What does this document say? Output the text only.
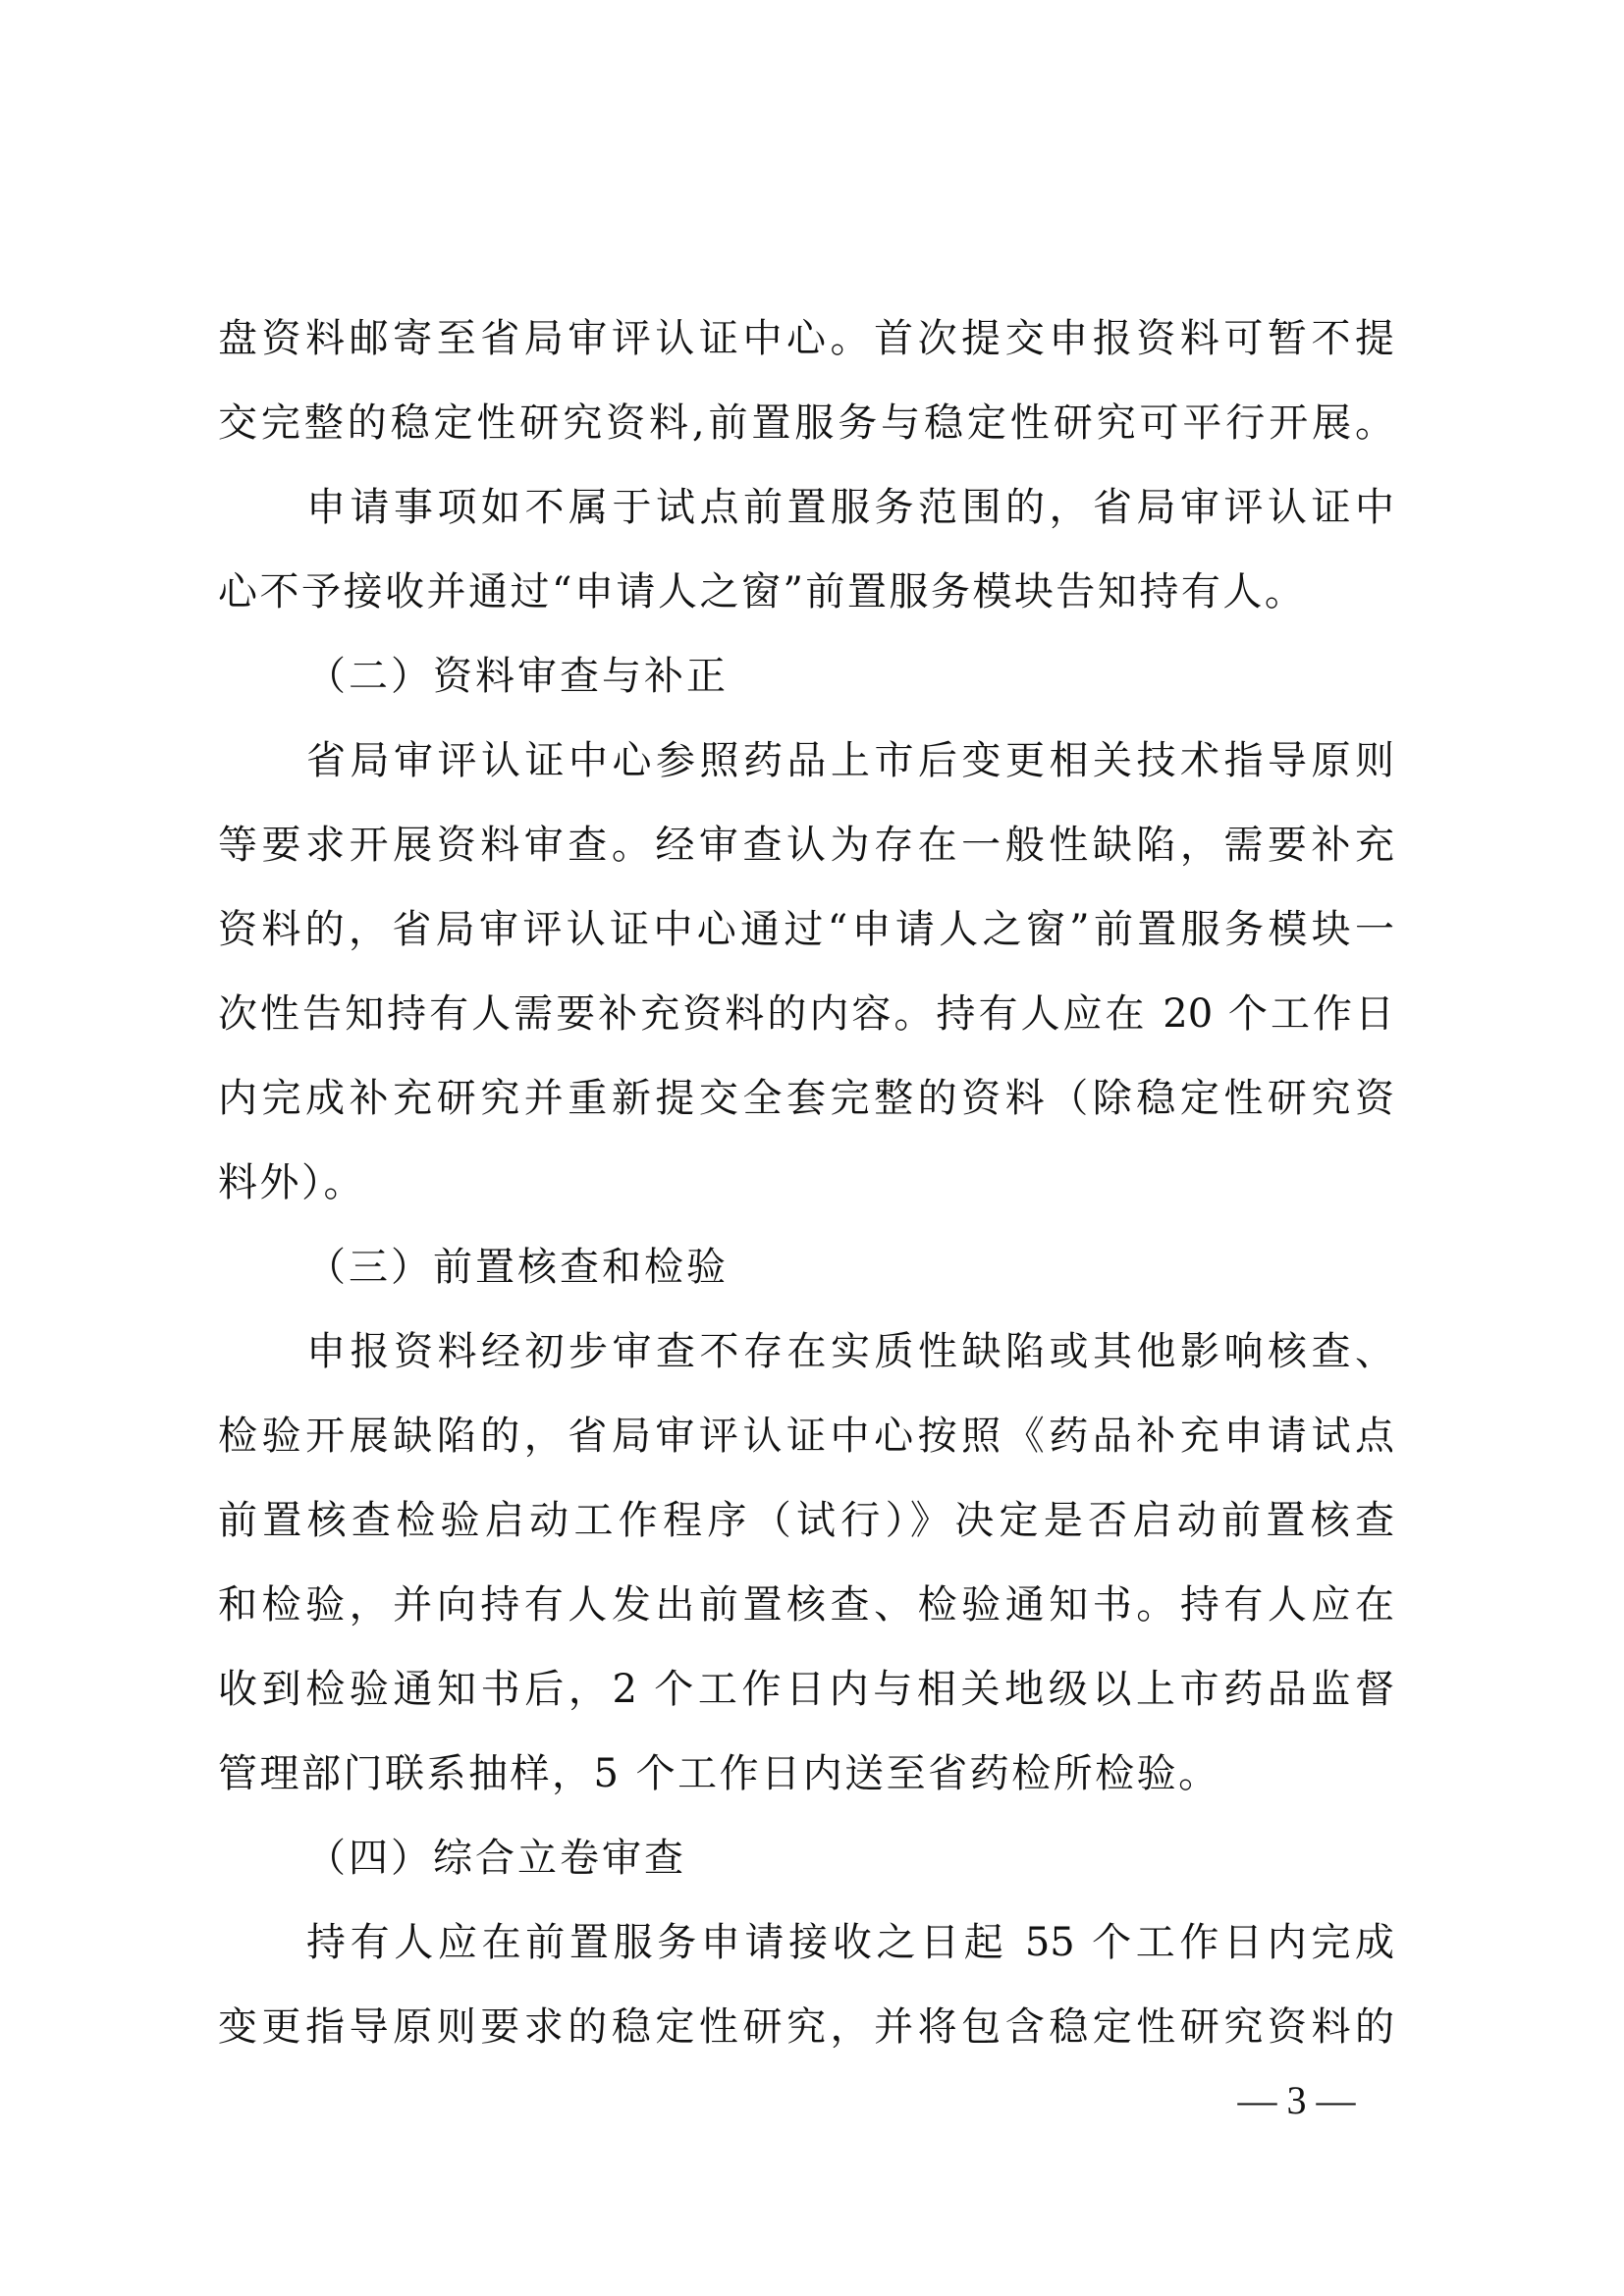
盘资料邮寄至省局审评认证中心。首次提交申报资料可暂不提
交完整的稳定性研究资料,前置服务与稳定性研究可平行开展。
申请事项如不属于试点前置服务范围的，省局审评认证中
心不予接收并通过“申请人之窗”前置服务模块告知持有人。
（二）资料审查与补正
省局审评认证中心参照药品上市后变更相关技术指导原则
等要求开展资料审查。经审查认为存在一般性缺陷，需要补充
资料的，省局审评认证中心通过“申请人之窗”前置服务模块一
次性告知持有人需要补充资料的内容。持有人应在 20 个工作日
内完成补充研究并重新提交全套完整的资料（除稳定性研究资
料外）。
（三）前置核查和检验
申报资料经初步审查不存在实质性缺陷或其他影响核查、
检验开展缺陷的，省局审评认证中心按照《药品补充申请试点
前置核查检验启动工作程序（试行）》决定是否启动前置核查
和检验，并向持有人发出前置核查、检验通知书。持有人应在
收到检验通知书后，2 个工作日内与相关地级以上市药品监督
管理部门联系抽样，5 个工作日内送至省药检所检验。
（四）综合立卷审查
持有人应在前置服务申请接收之日起 55 个工作日内完成
变更指导原则要求的稳定性研究，并将包含稳定性研究资料的
— 3 —
